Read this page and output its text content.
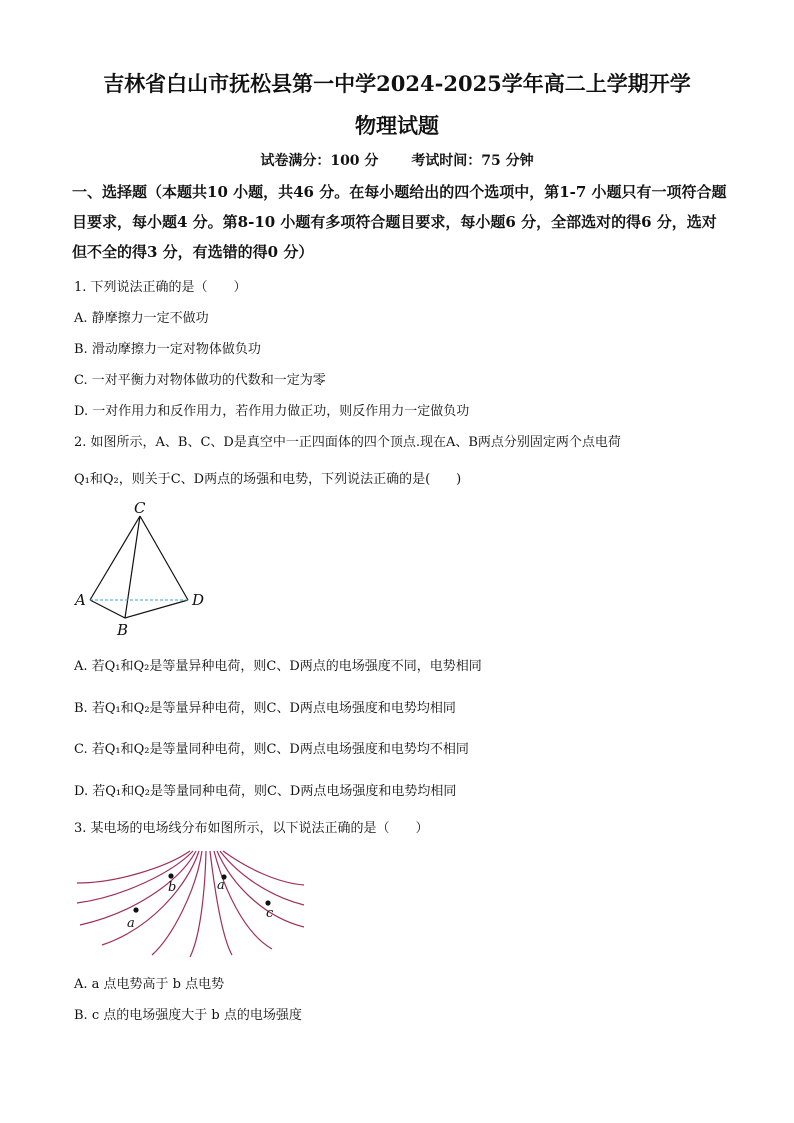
吉林省白山市抚松县第一中学2024-2025学年高二上学期开学
物理试题
试卷满分：100 分 考试时间：75 分钟
一、选择题（本题共10 小题，共46 分。在每小题给出的四个选项中，第1-7 小题只有一项符合题目要求，每小题4 分。第8-10 小题有多项符合题目要求，每小题6 分，全部选对的得6 分，选对但不全的得3 分，有选错的得0 分）
1. 下列说法正确的是（　　）
A. 静摩擦力一定不做功
B. 滑动摩擦力一定对物体做负功
C. 一对平衡力对物体做功的代数和一定为零
D. 一对作用力和反作用力，若作用力做正功，则反作用力一定做负功
2. 如图所示，A、B、C、D是真空中一正四面体的四个顶点.现在A、B两点分别固定两个点电荷
Q₁和Q₂，则关于C、D两点的场强和电势，下列说法正确的是(　　)
C
A	D
B
A. 若Q₁和Q₂是等量异种电荷，则C、D两点的电场强度不同，电势相同
B. 若Q₁和Q₂是等量异种电荷，则C、D两点电场强度和电势均相同
C. 若Q₁和Q₂是等量同种电荷，则C、D两点电场强度和电势均不相同
D. 若Q₁和Q₂是等量同种电荷，则C、D两点电场强度和电势均相同
3. 某电场的电场线分布如图所示，以下说法正确的是（　　）
b
a
a
c
A. a 点电势高于 b 点电势
B. c 点的电场强度大于 b 点的电场强度
